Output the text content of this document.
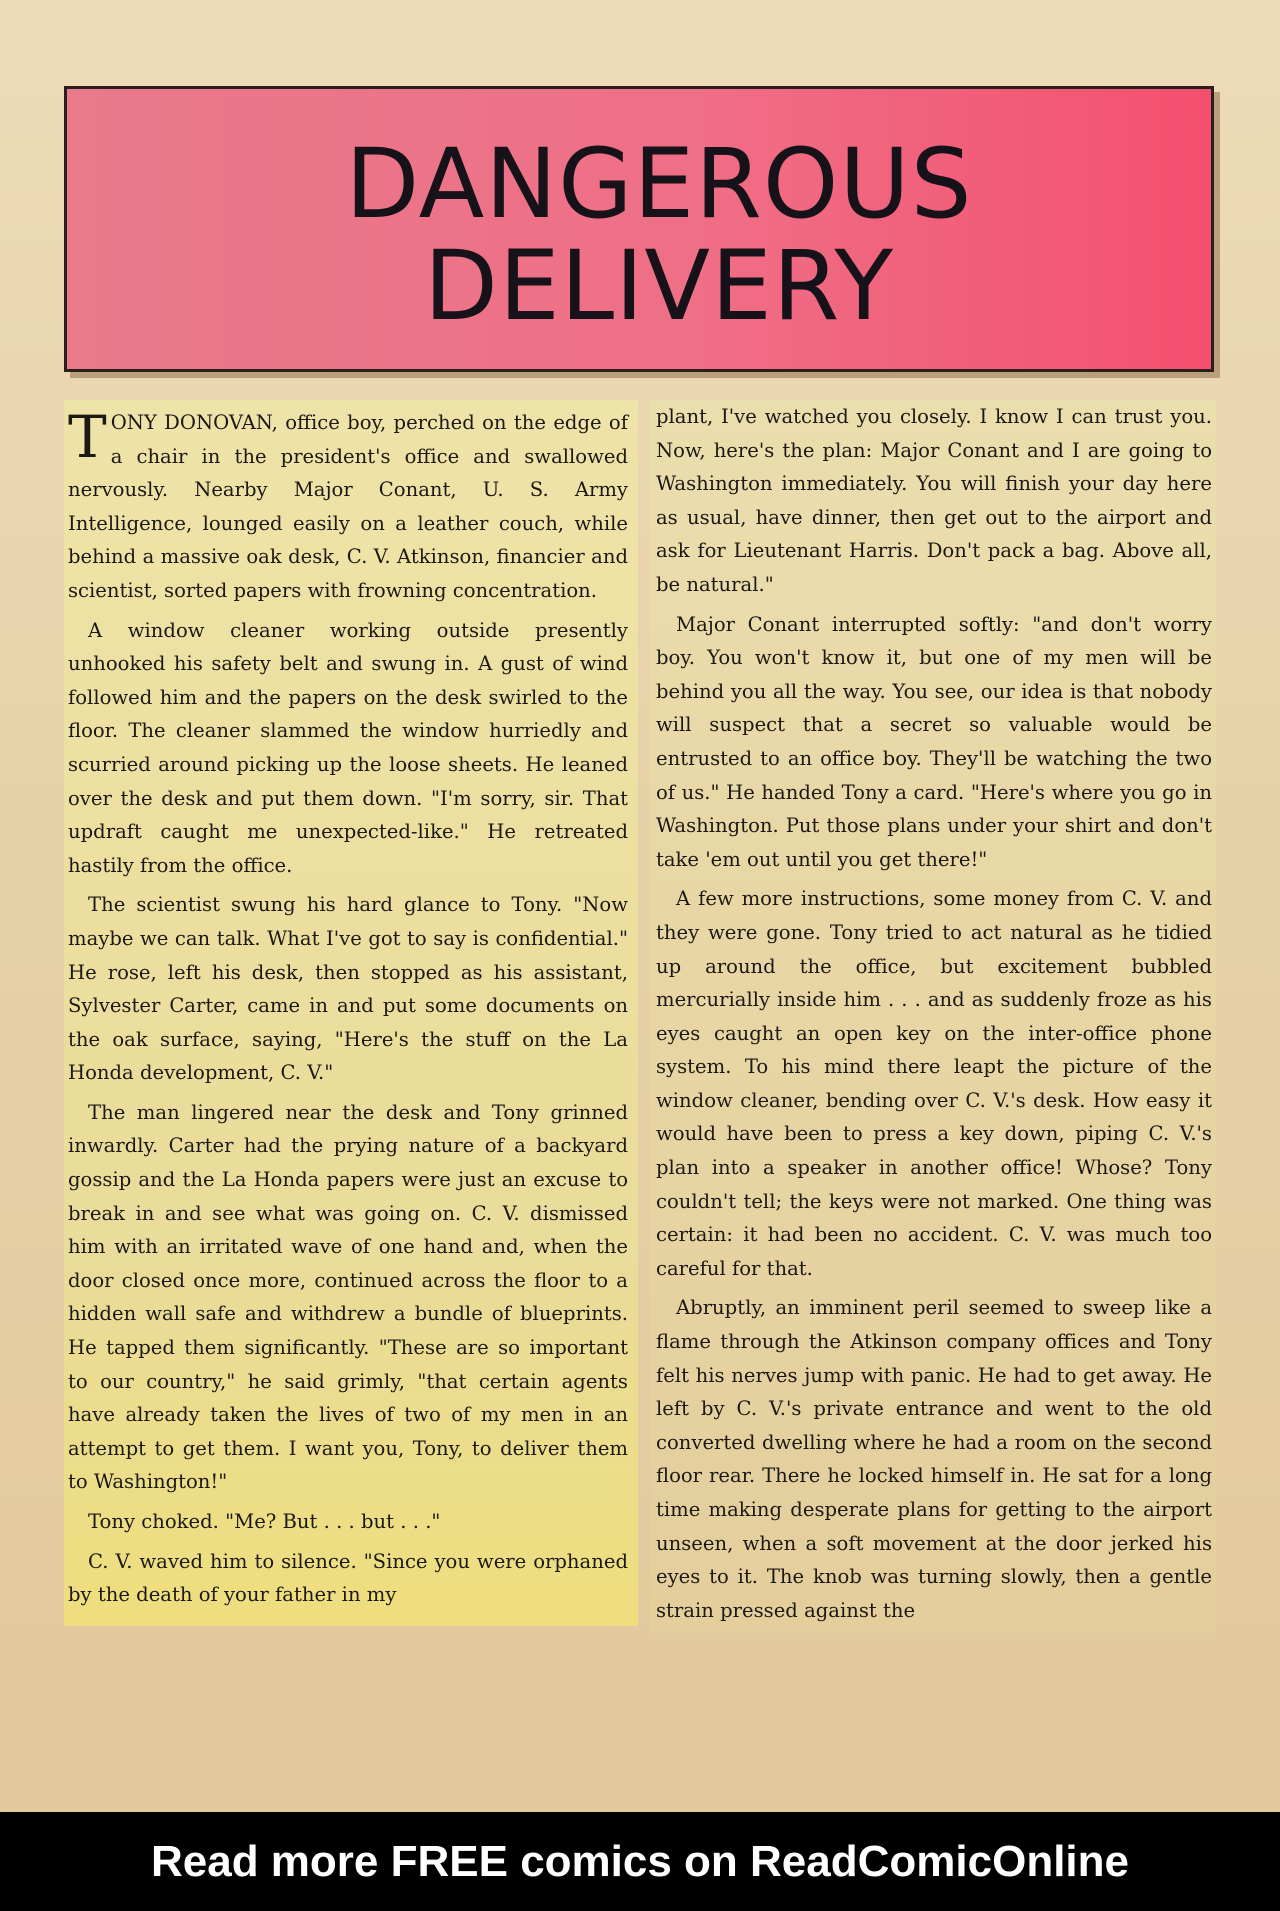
DANGEROUS
DELIVERY

TONY DONOVAN, office boy, perched on the edge of a chair in the president's office and swallowed nervously. Nearby Major Conant, U. S. Army Intelligence, lounged easily on a leather couch, while behind a massive oak desk, C. V. Atkinson, financier and scientist, sorted papers with frowning concentration.

A window cleaner working outside presently unhooked his safety belt and swung in. A gust of wind followed him and the papers on the desk swirled to the floor. The cleaner slammed the window hurriedly and scurried around picking up the loose sheets. He leaned over the desk and put them down. "I'm sorry, sir. That updraft caught me unexpected-like." He retreated hastily from the office.

The scientist swung his hard glance to Tony. "Now maybe we can talk. What I've got to say is confidential." He rose, left his desk, then stopped as his assistant, Sylvester Carter, came in and put some documents on the oak surface, saying, "Here's the stuff on the La Honda development, C. V."

The man lingered near the desk and Tony grinned inwardly. Carter had the prying nature of a backyard gossip and the La Honda papers were just an excuse to break in and see what was going on. C. V. dismissed him with an irritated wave of one hand and, when the door closed once more, continued across the floor to a hidden wall safe and withdrew a bundle of blueprints. He tapped them significantly. "These are so important to our country," he said grimly, "that certain agents have already taken the lives of two of my men in an attempt to get them. I want you, Tony, to deliver them to Washington!"

Tony choked. "Me? But . . . but . . ."

C. V. waved him to silence. "Since you were orphaned by the death of your father in my

plant, I've watched you closely. I know I can trust you. Now, here's the plan: Major Conant and I are going to Washington immediately. You will finish your day here as usual, have dinner, then get out to the airport and ask for Lieutenant Harris. Don't pack a bag. Above all, be natural."

Major Conant interrupted softly: "and don't worry boy. You won't know it, but one of my men will be behind you all the way. You see, our idea is that nobody will suspect that a secret so valuable would be entrusted to an office boy. They'll be watching the two of us." He handed Tony a card. "Here's where you go in Washington. Put those plans under your shirt and don't take 'em out until you get there!"

A few more instructions, some money from C. V. and they were gone. Tony tried to act natural as he tidied up around the office, but excitement bubbled mercurially inside him . . . and as suddenly froze as his eyes caught an open key on the inter-office phone system. To his mind there leapt the picture of the window cleaner, bending over C. V.'s desk. How easy it would have been to press a key down, piping C. V.'s plan into a speaker in another office! Whose? Tony couldn't tell; the keys were not marked. One thing was certain: it had been no accident. C. V. was much too careful for that.

Abruptly, an imminent peril seemed to sweep like a flame through the Atkinson company offices and Tony felt his nerves jump with panic. He had to get away. He left by C. V.'s private entrance and went to the old converted dwelling where he had a room on the second floor rear. There he locked himself in. He sat for a long time making desperate plans for getting to the airport unseen, when a soft movement at the door jerked his eyes to it. The knob was turning slowly, then a gentle strain pressed against the

Read more FREE comics on ReadComicOnline
